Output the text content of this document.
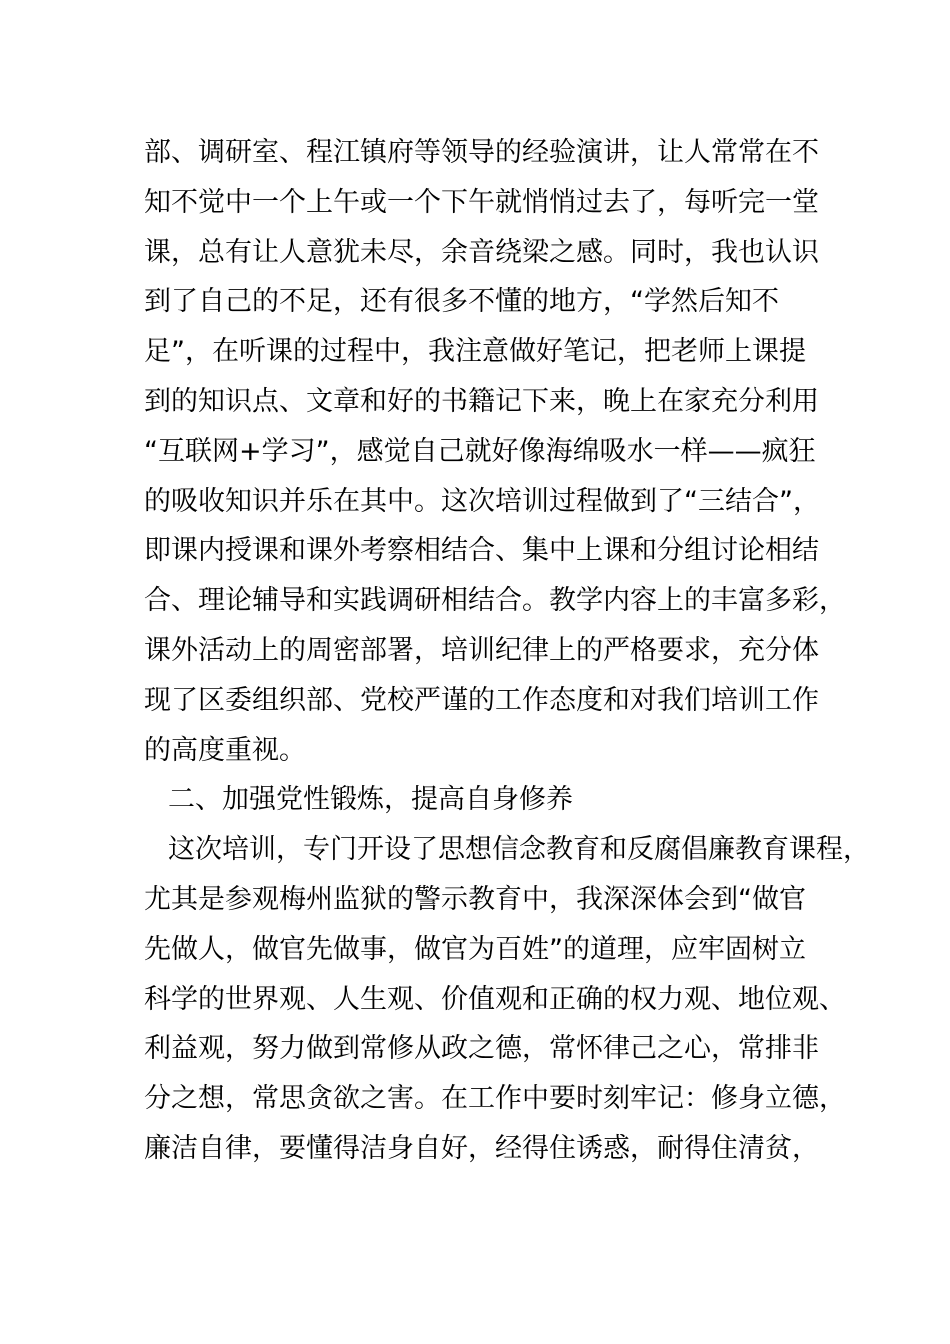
部、调研室、程江镇府等领导的经验演讲，让人常常在不
知不觉中一个上午或一个下午就悄悄过去了，每听完一堂
课，总有让人意犹未尽，余音绕梁之感。同时，我也认识
到了自己的不足，还有很多不懂的地方，“学然后知不
足”，在听课的过程中，我注意做好笔记，把老师上课提
到的知识点、文章和好的书籍记下来，晚上在家充分利用
“互联网+学习”，感觉自己就好像海绵吸水一样——疯狂
的吸收知识并乐在其中。这次培训过程做到了“三结合”，
即课内授课和课外考察相结合、集中上课和分组讨论相结
合、理论辅导和实践调研相结合。教学内容上的丰富多彩，
课外活动上的周密部署，培训纪律上的严格要求，充分体
现了区委组织部、党校严谨的工作态度和对我们培训工作
的高度重视。
二、加强党性锻炼，提高自身修养
这次培训，专门开设了思想信念教育和反腐倡廉教育课程，
尤其是参观梅州监狱的警示教育中，我深深体会到“做官
先做人，做官先做事，做官为百姓”的道理，应牢固树立
科学的世界观、人生观、价值观和正确的权力观、地位观、
利益观，努力做到常修从政之德，常怀律己之心，常排非
分之想，常思贪欲之害。在工作中要时刻牢记：修身立德，
廉洁自律，要懂得洁身自好，经得住诱惑，耐得住清贫，
